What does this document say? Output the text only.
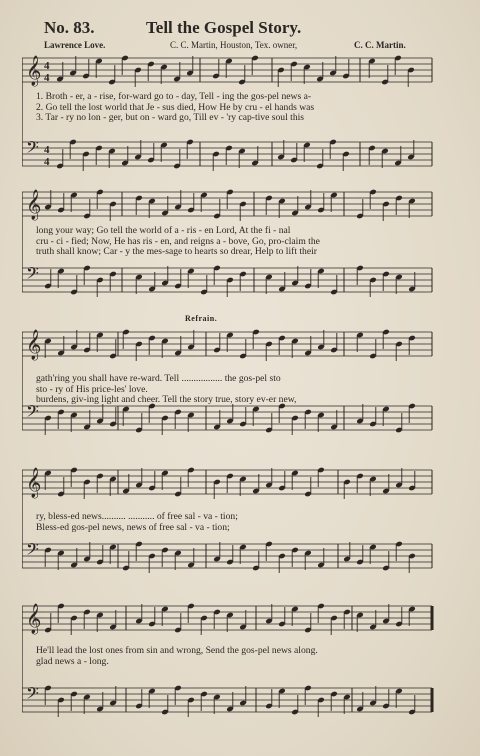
No. 83.	Tell the Gospel Story.
Lawrence Love.	C. C. Martin, Houston, Tex. owner,	C. C. Martin.
Refrain.
𝄞 4
4
𝄢 4
4
1. Broth - er, a - rise, for-ward go to - day, Tell - ing the gos-pel news a-
2. Go tell the lost world that Je - sus died, How He by cru - el hands was
3. Tar - ry no lon - ger, but on - ward go, Till ev - 'ry cap-tive soul this
𝄞
𝄢
long your way; Go tell the world of a - ris - en Lord, At the fi - nal
cru - ci - fied; Now, He has ris - en, and reigns a - bove, Go, pro-claim the
truth shall know; Car - y the mes-sage to hearts so drear, Help to lift their
𝄞
𝄢
gath'ring you shall have re-ward. Tell ................. the gos-pel sto
sto - ry of His price-les' love.
burdens, giv-ing light and cheer. Tell the story true, story ev-er new,
𝄞
𝄢
ry, bless-ed news.......... ........... of free sal - va - tion;
Bless-ed gos-pel news, news of free sal - va - tion;
𝄞
𝄢
He'll lead the lost ones from sin and wrong, Send the gos-pel news along.
glad news a - long.
